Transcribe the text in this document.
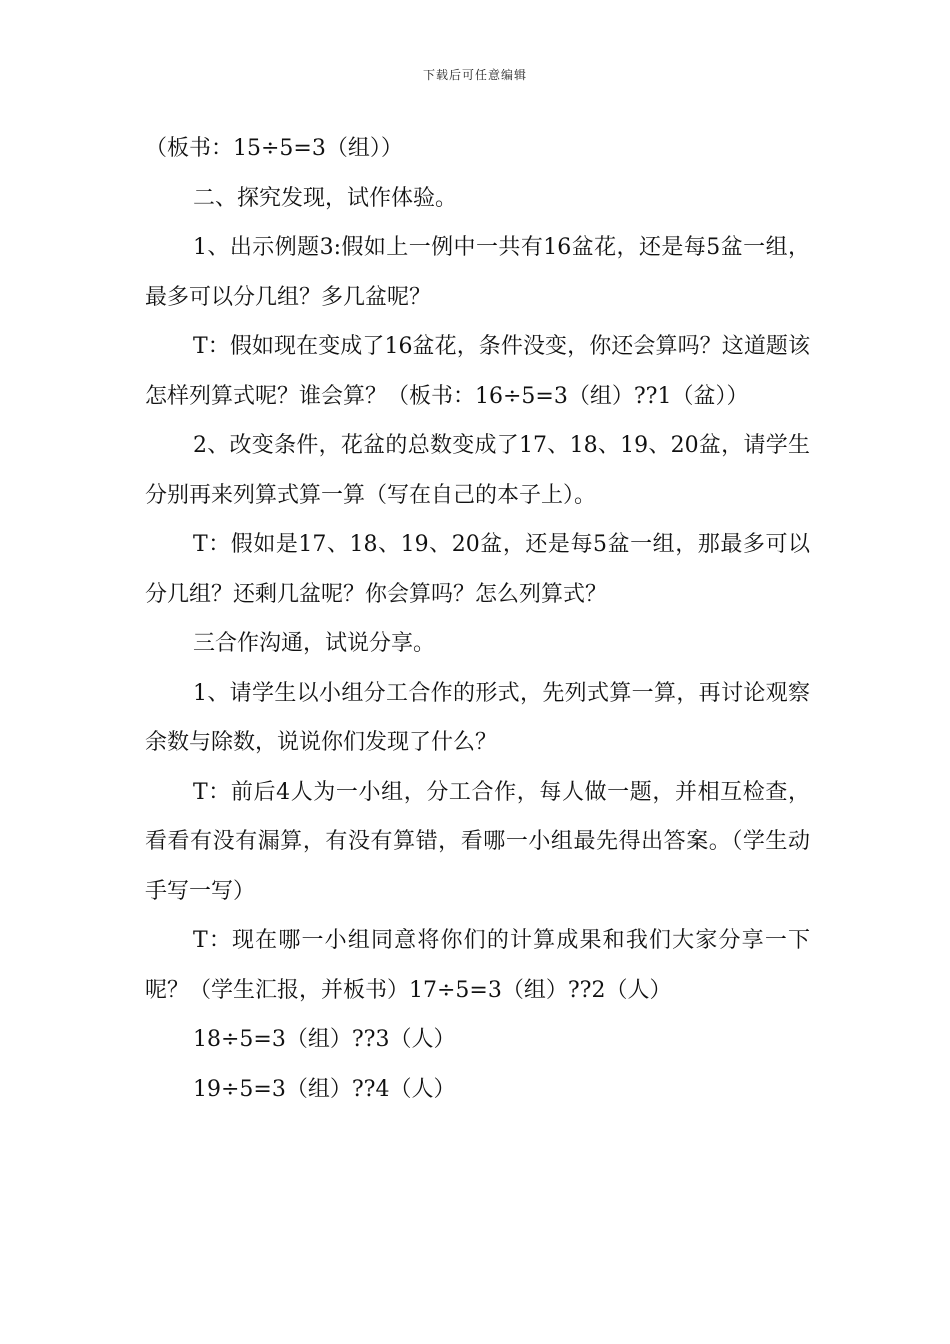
下载后可任意编辑

（板书：15÷5=3（组））

二、探究发现，试作体验。

1、出示例题3:假如上一例中一共有16盆花，还是每5盆一组，最多可以分几组？多几盆呢？

T：假如现在变成了16盆花，条件没变，你还会算吗？这道题该怎样列算式呢？谁会算？（板书：16÷5=3（组）??1（盆））

2、改变条件，花盆的总数变成了17、18、19、20盆，请学生分别再来列算式算一算（写在自己的本子上）。

T：假如是17、18、19、20盆，还是每5盆一组，那最多可以分几组？还剩几盆呢？你会算吗？怎么列算式？

三合作沟通，试说分享。

1、请学生以小组分工合作的形式，先列式算一算，再讨论观察余数与除数，说说你们发现了什么？

T：前后4人为一小组，分工合作，每人做一题，并相互检查，看看有没有漏算，有没有算错，看哪一小组最先得出答案。（学生动手写一写）

T：现在哪一小组同意将你们的计算成果和我们大家分享一下呢？（学生汇报，并板书）17÷5=3（组）??2（人）

18÷5=3（组）??3（人）

19÷5=3（组）??4（人）
